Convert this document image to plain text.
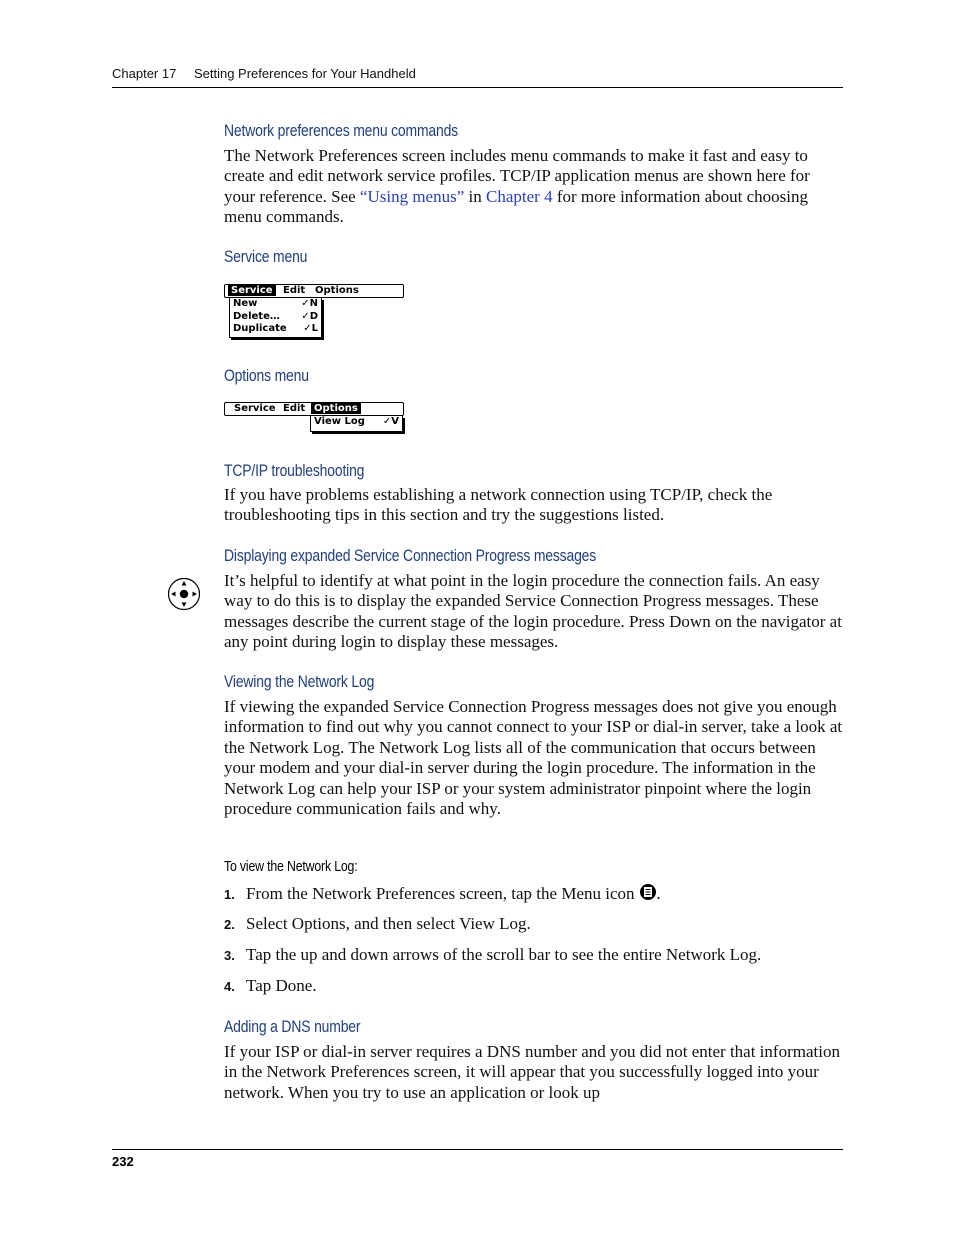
Chapter 17 Setting Preferences for Your Handheld
Network preferences menu commands
The Network Preferences screen includes menu commands to make it fast and easy to create and edit network service profiles. TCP/IP application menus are shown here for your reference. See “Using menus” in Chapter 4 for more information about choosing menu commands.
Service menu
Service	Edit Options
New	✓N
Delete… ✓D
Duplicate ✓L
Options menu
Service Edit Options
View Log ✓V
TCP/IP troubleshooting
If you have problems establishing a network connection using TCP/IP, check the troubleshooting tips in this section and try the suggestions listed.
Displaying expanded Service Connection Progress messages
It’s helpful to identify at what point in the login procedure the connection fails. An easy way to do this is to display the expanded Service Connection Progress messages. These messages describe the current stage of the login procedure. Press Down on the navigator at any point during login to display these messages.
Viewing the Network Log
If viewing the expanded Service Connection Progress messages does not give you enough information to find out why you cannot connect to your ISP or dial-in server, take a look at the Network Log. The Network Log lists all of the communication that occurs between your modem and your dial-in server during the login procedure. The information in the Network Log can help your ISP or your system administrator pinpoint where the login procedure communication fails and why.
To view the Network Log:
1. From the Network Preferences screen, tap the Menu icon .
2. Select Options, and then select View Log.
3. Tap the up and down arrows of the scroll bar to see the entire Network Log.
4. Tap Done.
Adding a DNS number
If your ISP or dial-in server requires a DNS number and you did not enter that information in the Network Preferences screen, it will appear that you successfully logged into your network. When you try to use an application or look up
232
